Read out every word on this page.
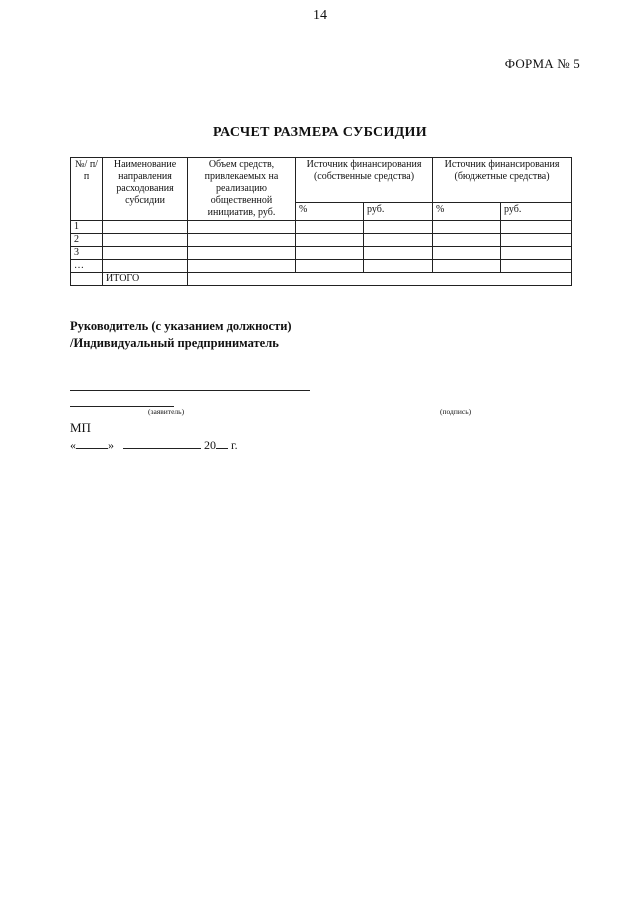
14
ФОРМА № 5
РАСЧЕТ РАЗМЕРА СУБСИДИИ
№/ п/п	Наименование направления расходования субсидии	Объем средств, привлекаемых на реализацию общественной инициатив, руб.	Источник финансирования (собственные средства)		Источник финансирования (бюджетные средства)	
			%	руб.	%	руб.
1						
2						
3						
…						
	ИТОГО					
Руководитель (с указанием должности)
/Индивидуальный предприниматель
(заявитель)	(подпись)
МП
«	»	20 г.
